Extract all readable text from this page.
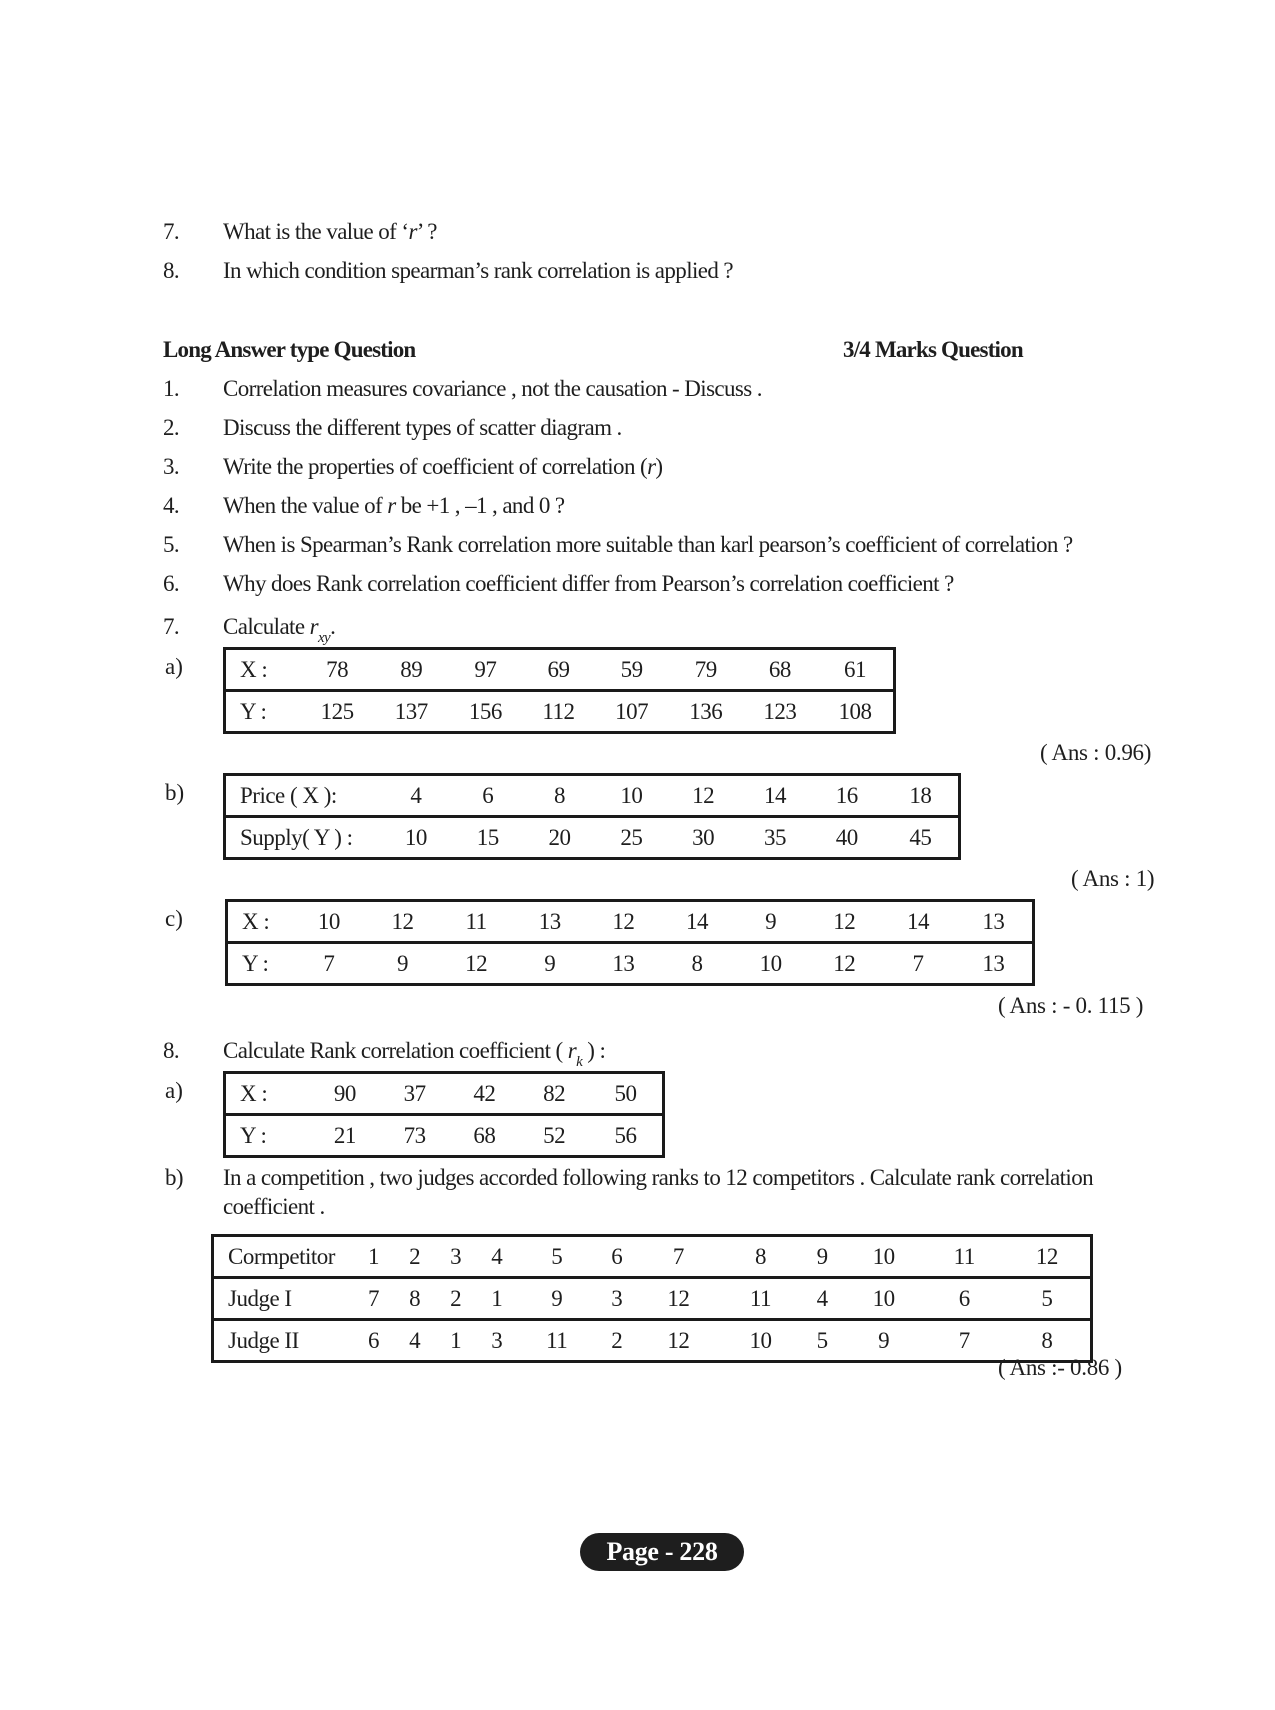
7. What is the value of ‘r’ ?
8. In which condition spearman’s rank correlation is applied ?
Long Answer type Question	3/4 Marks Question
1. Correlation measures covariance , not the causation - Discuss .
2. Discuss the different types of scatter diagram .
3. Write the properties of coefficient of correlation (r)
4. When the value of r be +1 , –1 , and 0 ?
5. When is Spearman’s Rank correlation more suitable than karl pearson’s coefficient of correlation ?
6. Why does Rank correlation coefficient differ from Pearson’s correlation coefficient ?
7. Calculate $r_{xy}$.
a) X :	78	89	97	69	59	79	68	61
Y :	125	137	156	112	107	136	123	108
( Ans : 0.96)
b) Price ( X ):	4	6	8	10	12	14	16	18
Supply( Y ) :	10	15	20	25	30	35	40	45
( Ans : 1)
c)	X :	10	12	11	13	12	14	9	12	14	13
Y :	7	9	12	9	13	8	10	12	7	13
( Ans : - 0. 115 )
8. Calculate Rank correlation coefficient ( $r_k$ ) :
a) X :	90	37	42	82	50
Y :	21	73	68	52	56
b) In a competition , two judges accorded following ranks to 12 competitors . Calculate rank correlation
coefficient .
Cormpetitor	1	2	3	4	5	6	7	8	9	10	11	12
Judge I	7	8	2	1	9	3	12	11	4	10	6	5
Judge II	6	4	1	3	11	2	12	10	5	9	7	8
( Ans :- 0.86 )
Page - 228
